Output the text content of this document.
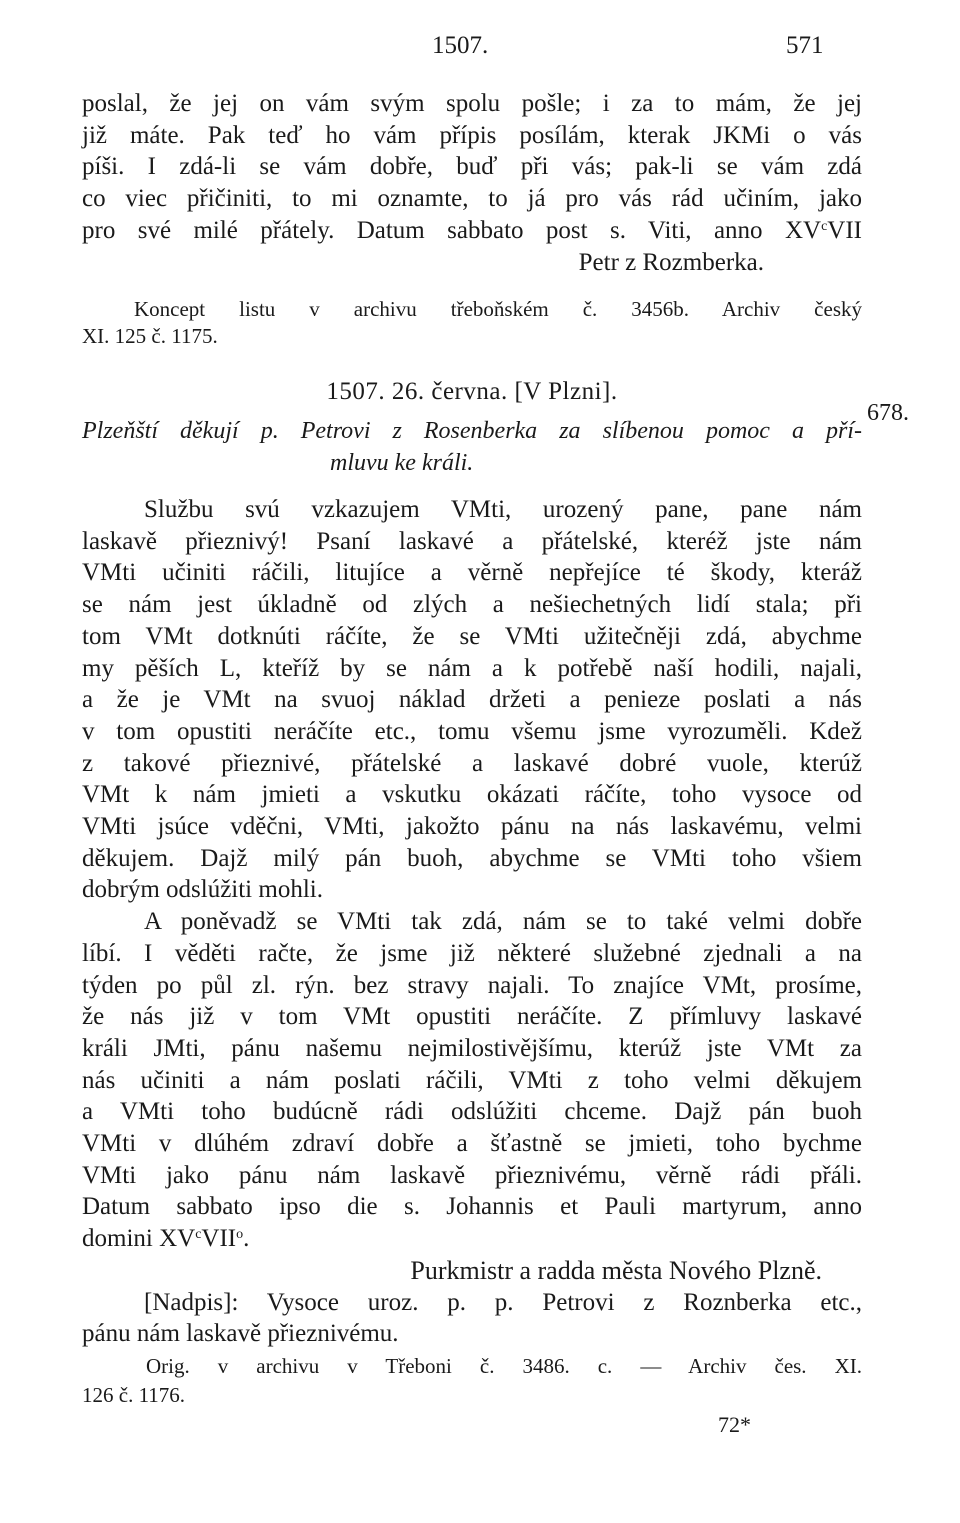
1507.	571
poslal, že jej on vám svým spolu pošle; i za to mám, že jej
již máte. Pak teď ho vám přípis posílám, kterak JKMi o vás
píši. I zdá-li se vám dobře, buď při vás; pak-li se vám zdá
co viec přičiniti, to mi oznamte, to já pro vás rád učiním, jako
pro své milé přátely. Datum sabbato post s. Viti, anno $XV^cVII$
Petr z Rozmberka.
Koncept listu v archivu třeboňském č. 3456b. Archiv český
XI. 125 č. 1175.
1507. 26. června. [V Plzni].
678.
Plzeňští děkují p. Petrovi z Rosenberka za slíbenou pomoc a pří-
mluvu ke králi.
Službu svú vzkazujem VMti, urozený pane, pane nám
laskavě přieznivý! Psaní laskavé a přátelské, kteréž jste nám
VMti učiniti ráčili, litujíce a věrně nepřejíce té škody, kteráž
se nám jest úkladně od zlých a nešiechetných lidí stala; při
tom VMt dotknúti ráčíte, že se VMti užitečněji zdá, abychme
my pěších L, kteříž by se nám a k potřebě naší hodili, najali,
a že je VMt na svuoj náklad držeti a penieze poslati a nás
v tom opustiti neráčíte etc., tomu všemu jsme vyrozuměli. Kdež
z takové přieznivé, přátelské a laskavé dobré vuole, kterúž
VMt k nám jmieti a vskutku okázati ráčíte, toho vysoce od
VMti jsúce vděčni, VMti, jakožto pánu na nás laskavému, velmi
děkujem. Dajž milý pán buoh, abychme se VMti toho všiem
dobrým odslúžiti mohli.
A poněvadž se VMti tak zdá, nám se to také velmi dobře
líbí. I věděti račte, že jsme již některé služebné zjednali a na
týden po půl zl. rýn. bez stravy najali. To znajíce VMt, prosíme,
že nás již v tom VMt opustiti neráčíte. Z přímluvy laskavé
králi JMti, pánu našemu nejmilostivějšímu, kterúž jste VMt za
nás učiniti a nám poslati ráčili, VMti z toho velmi děkujem
a VMti toho budúcně rádi odslúžiti chceme. Dajž pán buoh
VMti v dlúhém zdraví dobře a šťastně se jmieti, toho bychme
VMti jako pánu nám laskavě přieznivému, věrně rádi přáli.
Datum sabbato ipso die s. Johannis et Pauli martyrum, anno
domini $XV^cVII^o$.
Purkmistr a radda města Nového Plzně.
[Nadpis]: Vysoce uroz. p. p. Petrovi z Roznberka etc.,
pánu nám laskavě přieznivému.
Orig. v archivu v Třeboni č. 3486. c. — Archiv čes. XI.
126 č. 1176.
72*
